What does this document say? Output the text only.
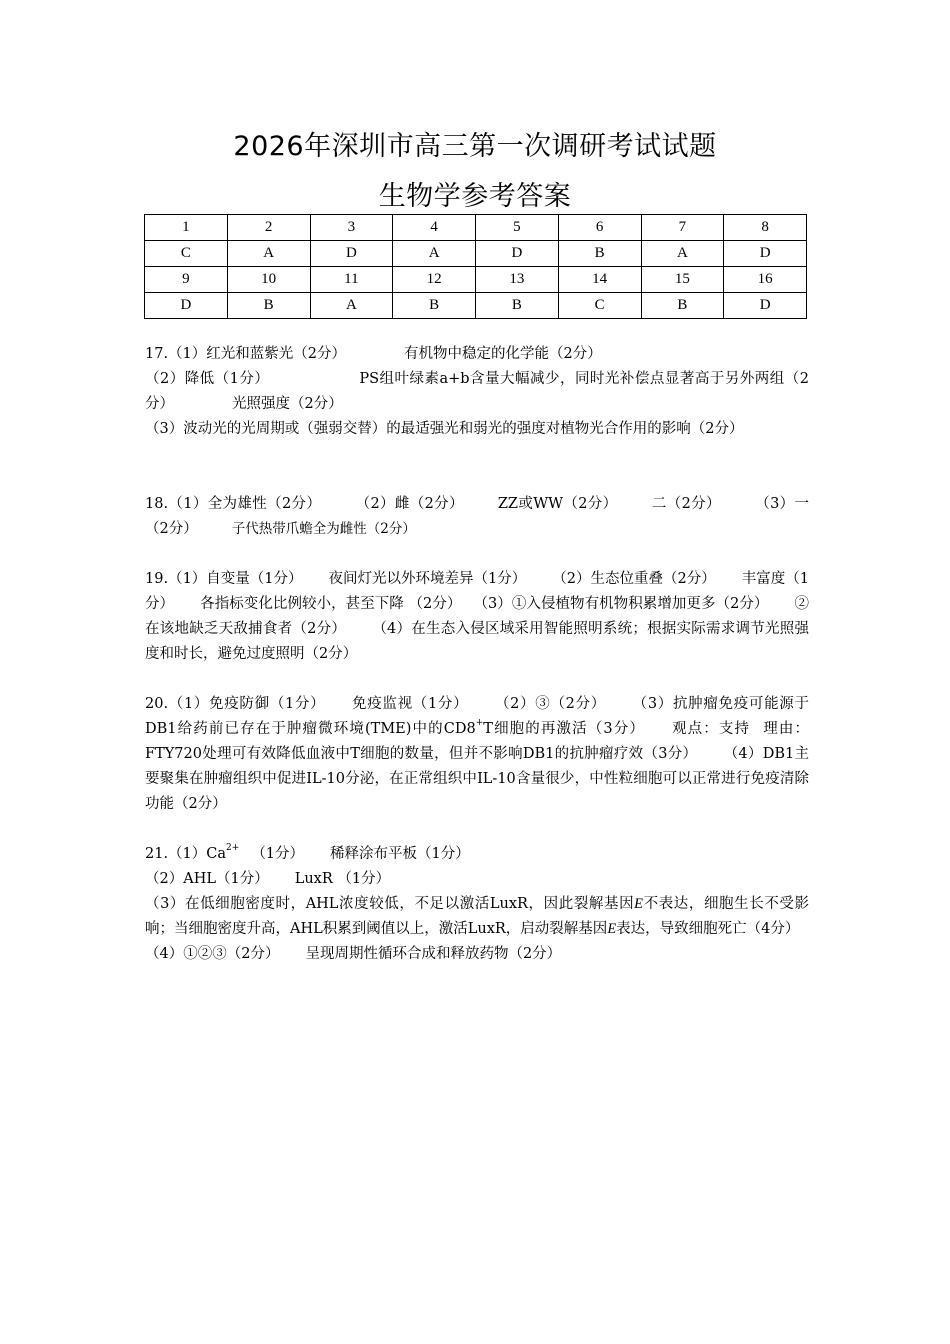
2026年深圳市高三第一次调研考试试题
生物学参考答案
1	2	3	4	5	6	7	8
C	A	D	A	D	B	A	D
9	10	11	12	13	14	15	16
D	B	A	B	B	C	B	D

17.（1）红光和蓝紫光（2分）	有机物中稳定的化学能（2分）

（2）降低（1分）	PS组叶绿素a+b含量大幅减少，同时光补偿点显著高于另外两组（2分）	光照强度（2分）

（3）波动光的光周期或（强弱交替）的最适强光和弱光的强度对植物光合作用的影响（2分）

18.（1）全为雄性（2分） （2）雌（2分） ZZ或WW（2分） 二（2分） （3）一（2分）	子代热带爪蟾全为雌性（2分）

19.（1）自变量（1分） 夜间灯光以外环境差异（1分） （2）生态位重叠（2分） 丰富度（1分） 各指标变化比例较小，甚至下降 （2分） （3）①入侵植物有机物积累增加更多（2分） ②在该地缺乏天敌捕食者（2分） （4）在生态入侵区域采用智能照明系统；根据实际需求调节光照强度和时长，避免过度照明（2分）

20.（1）免疫防御（1分） 免疫监视（1分） （2）③（2分） （3）抗肿瘤免疫可能源于DB1给药前已存在于肿瘤微环境(TME)中的CD8+T细胞的再激活（3分） 观点：支持 理由：FTY720处理可有效降低血液中T细胞的数量，但并不影响DB1的抗肿瘤疗效（3分） （4）DB1主要聚集在肿瘤组织中促进IL-10分泌，在正常组织中IL-10含量很少，中性粒细胞可以正常进行免疫清除功能（2分）

$21.(1)Ca^{2+}$ （1分） 稀释涂布平板（1分）

（2）AHL（1分） LuxR （1分）

（3）在低细胞密度时，AHL浓度较低，不足以激活LuxR，因此裂解基因E不表达，细胞生长不受影响；当细胞密度升高，AHL积累到阈值以上，激活LuxR，启动裂解基因E表达，导致细胞死亡（4分）

（4）①②③（2分） 呈现周期性循环合成和释放药物（2分）
